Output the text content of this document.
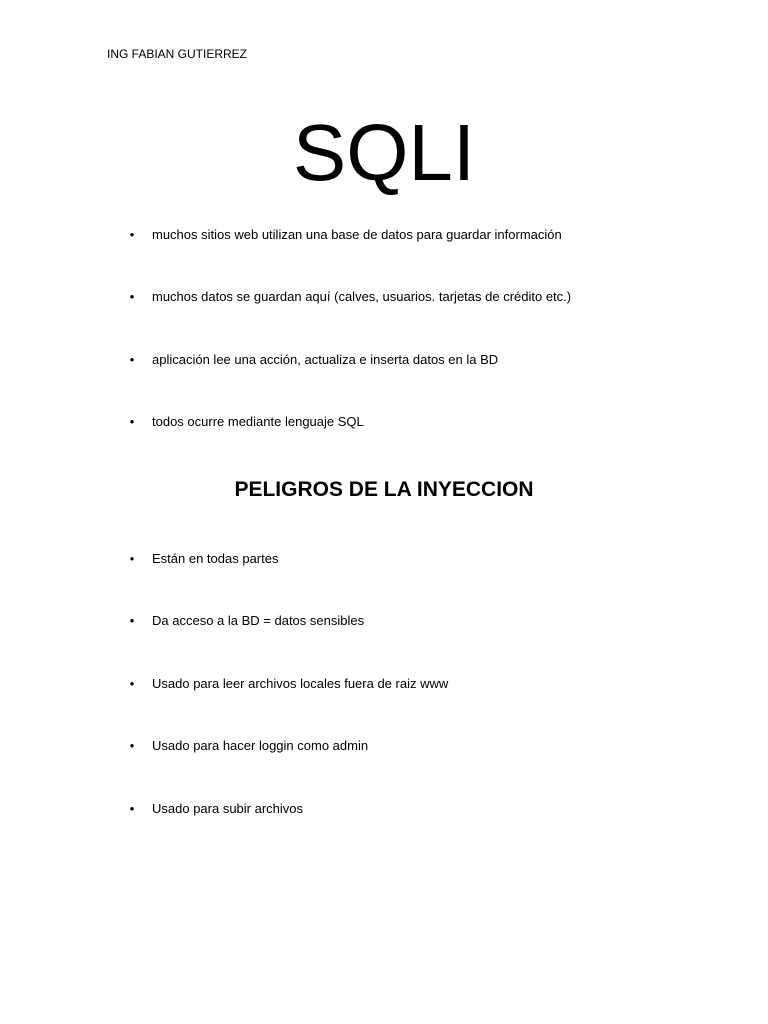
ING FABIAN GUTIERREZ
SQLI
• muchos sitios web utilizan una base de datos para guardar información
• muchos datos se guardan aquí (calves, usuarios. tarjetas de crédito etc.)
• aplicación lee una acción, actualiza e inserta datos en la BD
• todos ocurre mediante lenguaje SQL
PELIGROS DE LA INYECCION
• Están en todas partes
• Da acceso a la BD = datos sensibles
• Usado para leer archivos locales fuera de raiz www
• Usado para hacer loggin como admin
• Usado para subir archivos
